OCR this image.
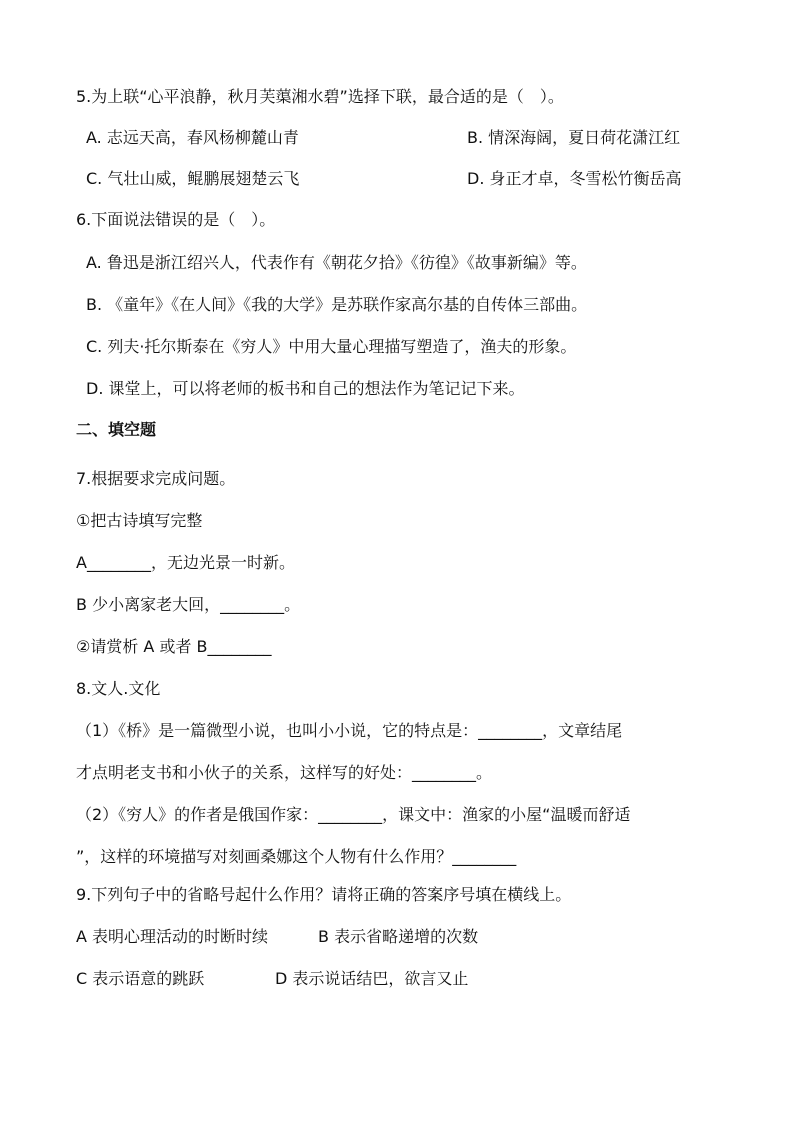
5.为上联“心平浪静，秋月芙蕖湘水碧”选择下联，最合适的是（　）。
A. 志远天高，春风杨柳麓山青	B. 情深海阔，夏日荷花潇江红
C. 气壮山威，鲲鹏展翅楚云飞	D. 身正才卓，冬雪松竹衡岳高
6.下面说法错误的是（　）。
A. 鲁迅是浙江绍兴人，代表作有《朝花夕拾》《彷徨》《故事新编》等。
B. 《童年》《在人间》《我的大学》是苏联作家高尔基的自传体三部曲。
C. 列夫·托尔斯泰在《穷人》中用大量心理描写塑造了，渔夫的形象。
D. 课堂上，可以将老师的板书和自己的想法作为笔记记下来。
二、填空题
7.根据要求完成问题。
①把古诗填写完整
A________，无边光景一时新。
B 少小离家老大回，________。
②请赏析 A 或者 B________
8.文人.文化
（1）《桥》是一篇微型小说，也叫小小说，它的特点是：________，文章结尾
才点明老支书和小伙子的关系，这样写的好处：________。
（2）《穷人》的作者是俄国作家：________，课文中：渔家的小屋“温暖而舒适
”，这样的环境描写对刻画桑娜这个人物有什么作用？________
9.下列句子中的省略号起什么作用？请将正确的答案序号填在横线上。
A 表明心理活动的时断时续	B 表示省略递增的次数
C 表示语意的跳跃	D 表示说话结巴，欲言又止
